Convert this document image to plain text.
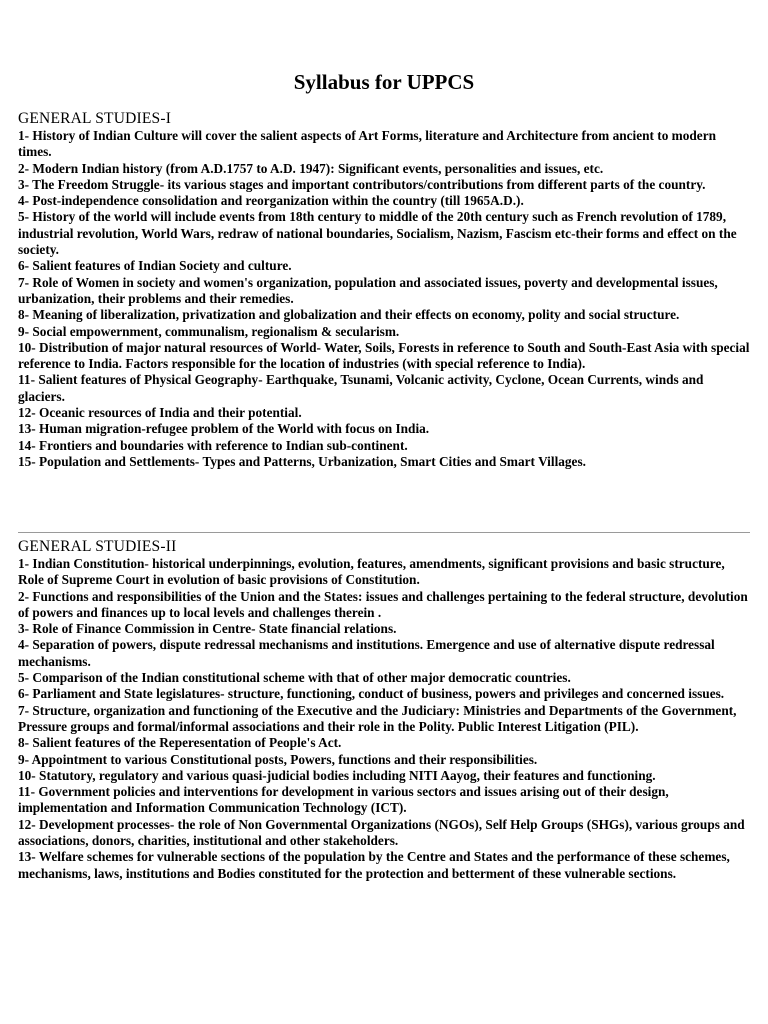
Syllabus for UPPCS
GENERAL STUDIES-I
1- History of Indian Culture will cover the salient aspects of Art Forms, literature and Architecture from ancient to modern times.
2- Modern Indian history (from A.D.1757 to A.D. 1947): Significant events, personalities and issues, etc.
3- The Freedom Struggle- its various stages and important contributors/contributions from different parts of the country.
4- Post-independence consolidation and reorganization within the country (till 1965A.D.).
5- History of the world will include events from 18th century to middle of the 20th century such as French revolution of 1789, industrial revolution, World Wars, redraw of national boundaries, Socialism, Nazism, Fascism etc-their forms and effect on the society.
6- Salient features of Indian Society and culture.
7- Role of Women in society and women's organization, population and associated issues, poverty and developmental issues, urbanization, their problems and their remedies.
8- Meaning of liberalization, privatization and globalization and their effects on economy, polity and social structure.
9- Social empowernment, communalism, regionalism & secularism.
10- Distribution of major natural resources of World- Water, Soils, Forests in reference to South and South-East Asia with special reference to India. Factors responsible for the location of industries (with special reference to India).
11- Salient features of Physical Geography- Earthquake, Tsunami, Volcanic activity, Cyclone, Ocean Currents, winds and glaciers.
12- Oceanic resources of India and their potential.
13- Human migration-refugee problem of the World with focus on India.
14- Frontiers and boundaries with reference to Indian sub-continent.
15- Population and Settlements- Types and Patterns, Urbanization, Smart Cities and Smart Villages.
GENERAL STUDIES-II
1- Indian Constitution- historical underpinnings, evolution, features, amendments, significant provisions and basic structure, Role of Supreme Court in evolution of basic provisions of Constitution.
2- Functions and responsibilities of the Union and the States: issues and challenges pertaining to the federal structure, devolution of powers and finances up to local levels and challenges therein .
3- Role of Finance Commission in Centre- State financial relations.
4- Separation of powers, dispute redressal mechanisms and institutions. Emergence and use of alternative dispute redressal mechanisms.
5- Comparison of the Indian constitutional scheme with that of other major democratic countries.
6- Parliament and State legislatures- structure, functioning, conduct of business, powers and privileges and concerned issues.
7- Structure, organization and functioning of the Executive and the Judiciary: Ministries and Departments of the Government, Pressure groups and formal/informal associations and their role in the Polity. Public Interest Litigation (PIL).
8- Salient features of the Reperesentation of People's Act.
9- Appointment to various Constitutional posts, Powers, functions and their responsibilities.
10- Statutory, regulatory and various quasi-judicial bodies including NITI Aayog, their features and functioning.
11- Government policies and interventions for development in various sectors and issues arising out of their design, implementation and Information Communication Technology (ICT).
12- Development processes- the role of Non Governmental Organizations (NGOs), Self Help Groups (SHGs), various groups and associations, donors, charities, institutional and other stakeholders.
13- Welfare schemes for vulnerable sections of the population by the Centre and States and the performance of these schemes, mechanisms, laws, institutions and Bodies constituted for the protection and betterment of these vulnerable sections.
